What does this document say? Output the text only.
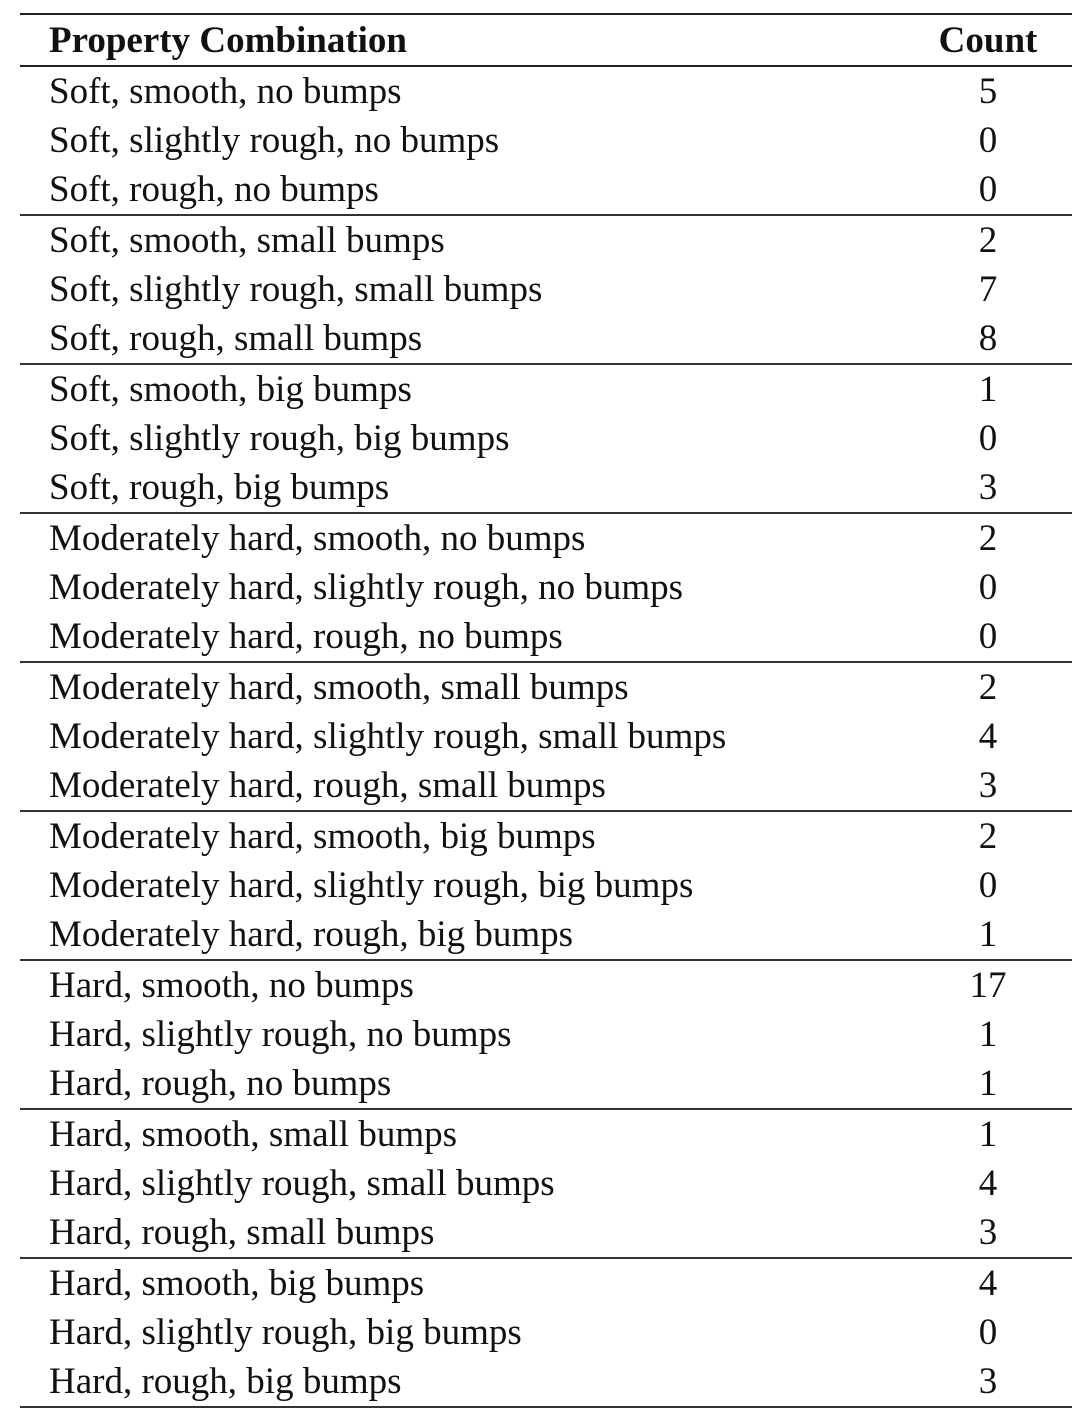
Property Combination	Count
Soft, smooth, no bumps	5
Soft, slightly rough, no bumps	0
Soft, rough, no bumps	0
Soft, smooth, small bumps	2
Soft, slightly rough, small bumps	7
Soft, rough, small bumps	8
Soft, smooth, big bumps	1
Soft, slightly rough, big bumps	0
Soft, rough, big bumps	3
Moderately hard, smooth, no bumps	2
Moderately hard, slightly rough, no bumps	0
Moderately hard, rough, no bumps	0
Moderately hard, smooth, small bumps	2
Moderately hard, slightly rough, small bumps	4
Moderately hard, rough, small bumps	3
Moderately hard, smooth, big bumps	2
Moderately hard, slightly rough, big bumps	0
Moderately hard, rough, big bumps	1
Hard, smooth, no bumps	17
Hard, slightly rough, no bumps	1
Hard, rough, no bumps	1
Hard, smooth, small bumps	1
Hard, slightly rough, small bumps	4
Hard, rough, small bumps	3
Hard, smooth, big bumps	4
Hard, slightly rough, big bumps	0
Hard, rough, big bumps	3
